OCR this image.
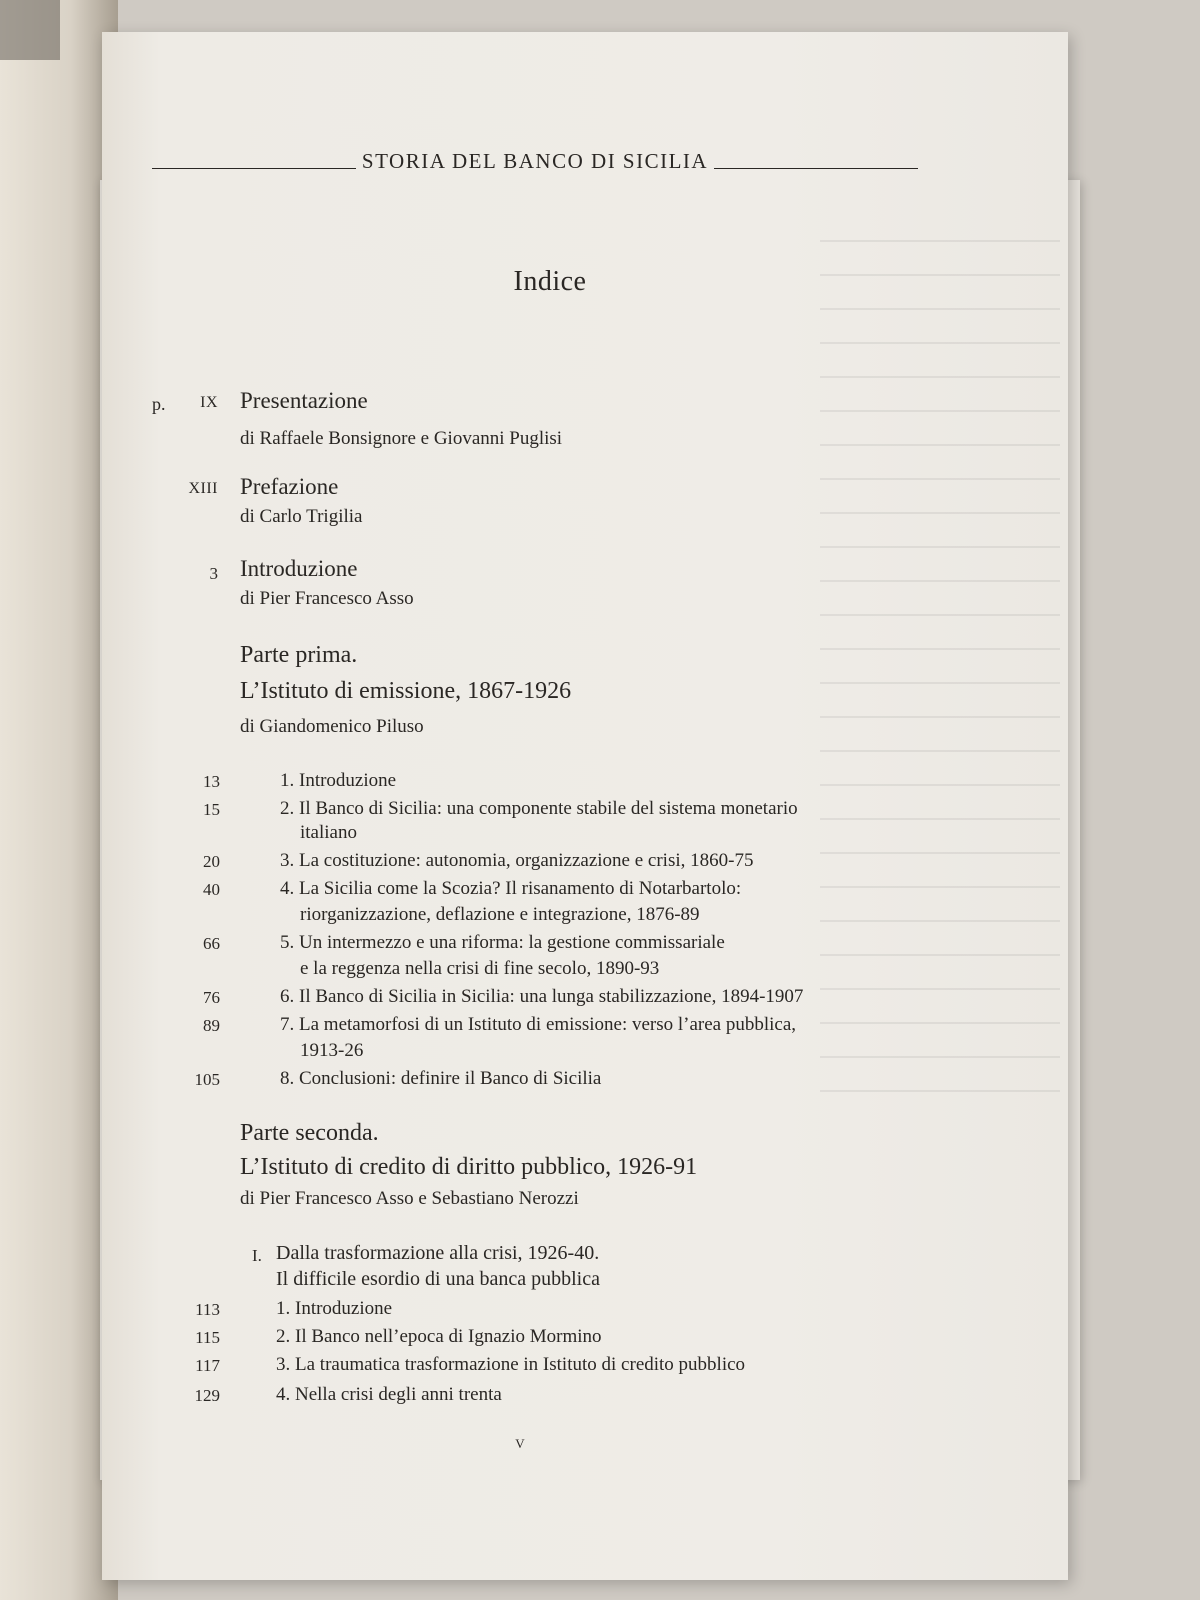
STORIA DEL BANCO DI SICILIA
Indice
p.	IX Presentazione
di Raffaele Bonsignore e Giovanni Puglisi
XIII Prefazione
di Carlo Trigilia
3 Introduzione
di Pier Francesco Asso
Parte prima.
L’Istituto di emissione, 1867-1926
di Giandomenico Piluso
13	1. Introduzione
15	2. Il Banco di Sicilia: una componente stabile del sistema monetario
italiano
20	3. La costituzione: autonomia, organizzazione e crisi, 1860-75
40	4. La Sicilia come la Scozia? Il risanamento di Notarbartolo:
riorganizzazione, deflazione e integrazione, 1876-89
66	5. Un intermezzo e una riforma: la gestione commissariale
e la reggenza nella crisi di fine secolo, 1890-93
76	6. Il Banco di Sicilia in Sicilia: una lunga stabilizzazione, 1894-1907
89	7. La metamorfosi di un Istituto di emissione: verso l’area pubblica,
1913-26
105	8. Conclusioni: definire il Banco di Sicilia
Parte seconda.
L’Istituto di credito di diritto pubblico, 1926-91
di Pier Francesco Asso e Sebastiano Nerozzi
I. Dalla trasformazione alla crisi, 1926-40.
Il difficile esordio di una banca pubblica
113	1. Introduzione
115	2. Il Banco nell’epoca di Ignazio Mormino
117	3. La traumatica trasformazione in Istituto di credito pubblico
129	4. Nella crisi degli anni trenta
v
